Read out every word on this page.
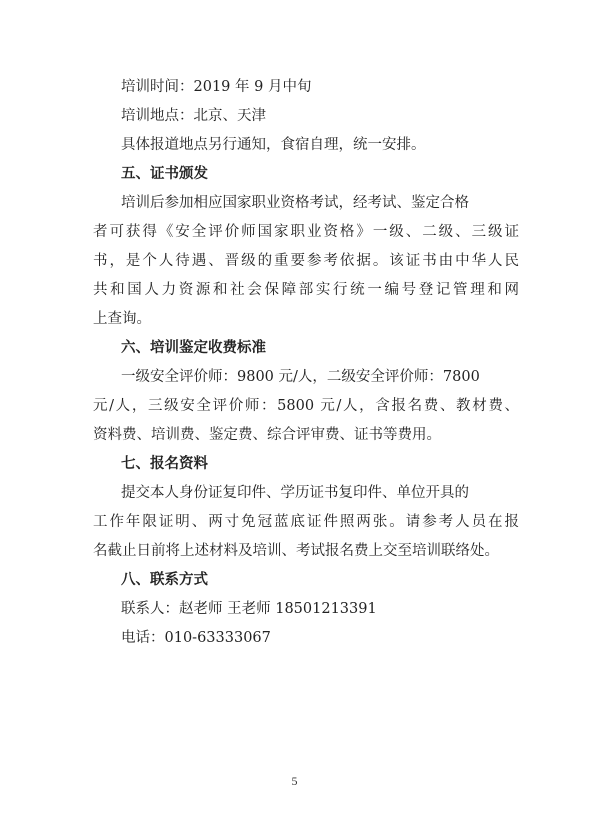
培训时间：2019 年 9 月中旬
培训地点：北京、天津
具体报道地点另行通知，食宿自理，统一安排。
五、证书颁发
培训后参加相应国家职业资格考试，经考试、鉴定合格
者可获得《安全评价师国家职业资格》一级、二级、三级证
书，是个人待遇、晋级的重要参考依据。该证书由中华人民
共和国人力资源和社会保障部实行统一编号登记管理和网
上查询。
六、培训鉴定收费标准
一级安全评价师：9800 元/人，二级安全评价师：7800
元/人，三级安全评价师：5800 元/人，含报名费、教材费、
资料费、培训费、鉴定费、综合评审费、证书等费用。
七、报名资料
提交本人身份证复印件、学历证书复印件、单位开具的
工作年限证明、两寸免冠蓝底证件照两张。请参考人员在报
名截止日前将上述材料及培训、考试报名费上交至培训联络处。
八、联系方式
联系人：赵老师 王老师 18501213391
电话：010-63333067
5
